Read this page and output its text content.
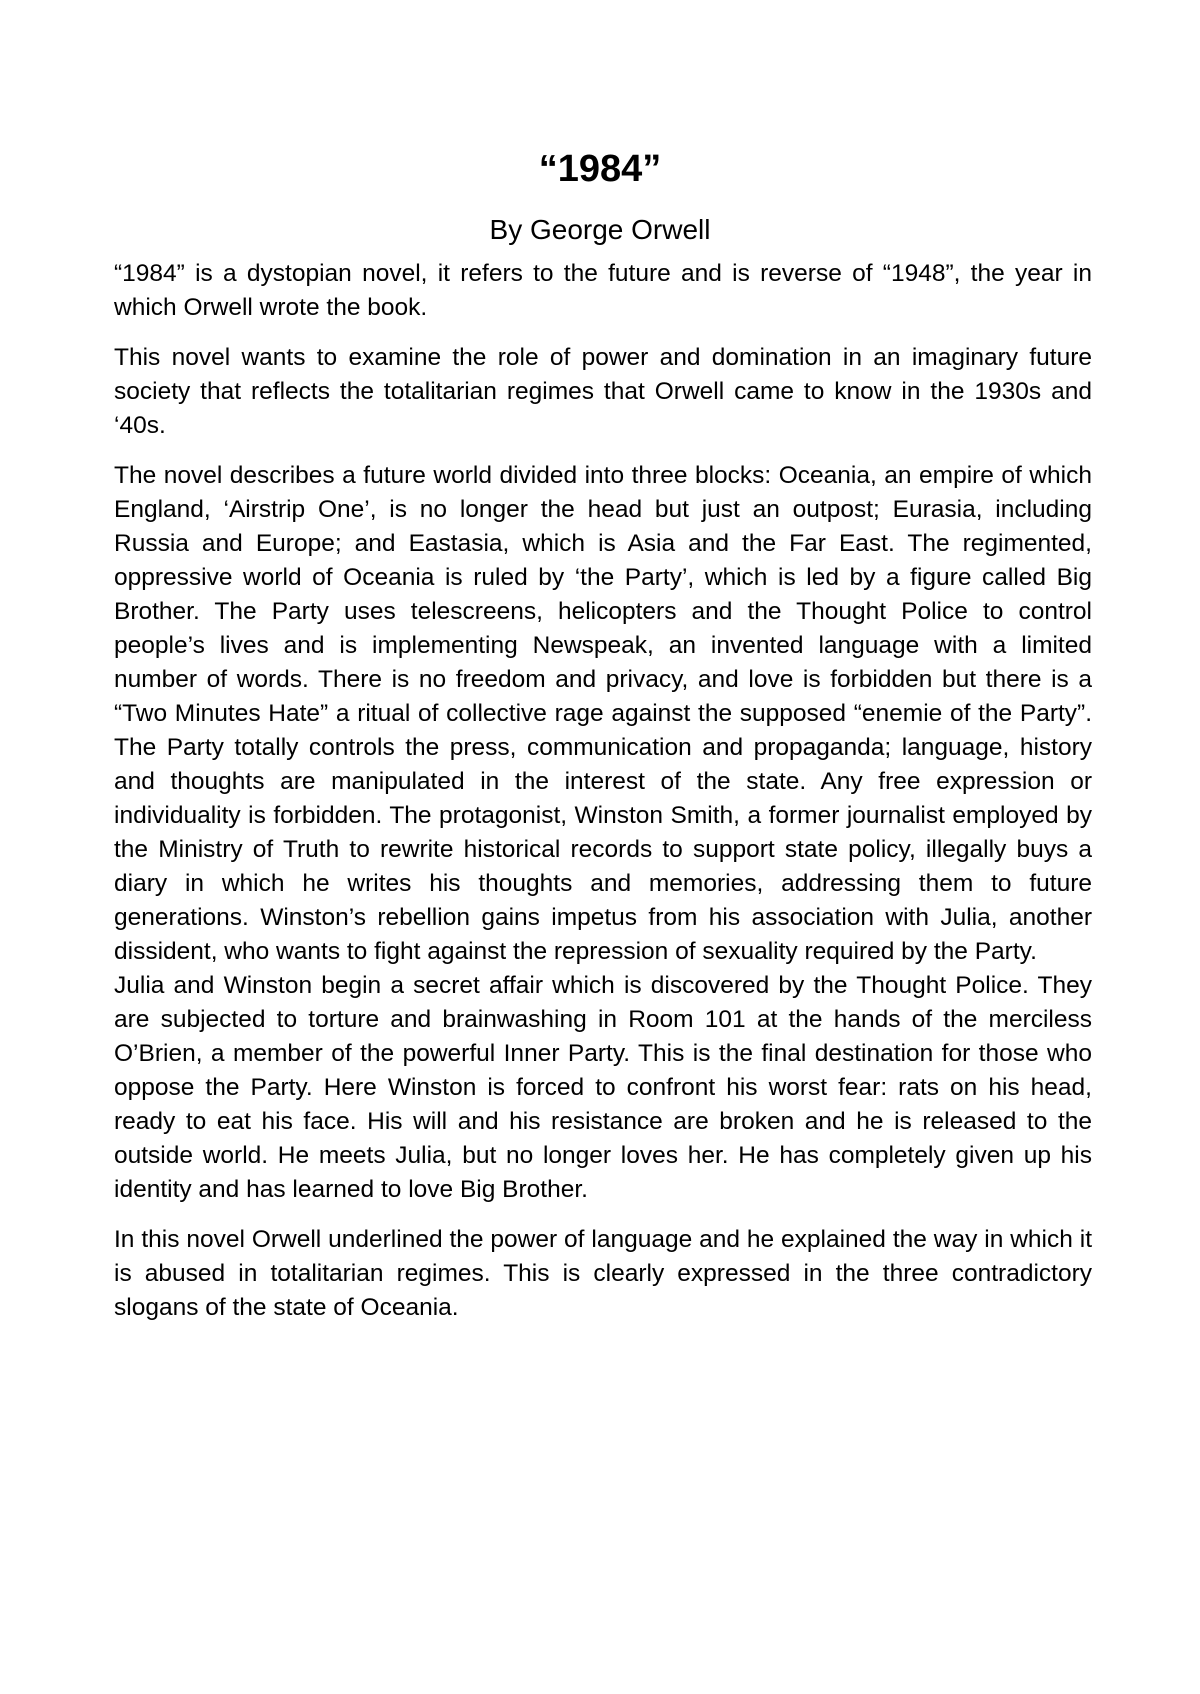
“1984”
By George Orwell

“1984” is a dystopian novel, it refers to the future and is reverse of “1948”, the year in which Orwell wrote the book.

This novel wants to examine the role of power and domination in an imaginary future society that reflects the totalitarian regimes that Orwell came to know in the 1930s and ‘40s.

The novel describes a future world divided into three blocks: Oceania, an empire of which England, ‘Airstrip One’, is no longer the head but just an outpost; Eurasia, including Russia and Europe; and Eastasia, which is Asia and the Far East. The regimented, oppressive world of Oceania is ruled by ‘the Party’, which is led by a figure called Big Brother. The Party uses telescreens, helicopters and the Thought Police to control people’s lives and is implementing Newspeak, an invented language with a limited number of words. There is no freedom and privacy, and love is forbidden but there is a “Two Minutes Hate” a ritual of collective rage against the supposed “enemie of the Party”. The Party totally controls the press, communication and propaganda; language, history and thoughts are manipulated in the interest of the state. Any free expression or individuality is forbidden. The protagonist, Winston Smith, a former journalist employed by the Ministry of Truth to rewrite historical records to support state policy, illegally buys a diary in which he writes his thoughts and memories, addressing them to future generations. Winston’s rebellion gains impetus from his association with Julia, another dissident, who wants to fight against the repression of sexuality required by the Party.

Julia and Winston begin a secret affair which is discovered by the Thought Police. They are subjected to torture and brainwashing in Room 101 at the hands of the merciless O’Brien, a member of the powerful Inner Party. This is the final destination for those who oppose the Party. Here Winston is forced to confront his worst fear: rats on his head, ready to eat his face. His will and his resistance are broken and he is released to the outside world. He meets Julia, but no longer loves her. He has completely given up his identity and has learned to love Big Brother.

In this novel Orwell underlined the power of language and he explained the way in which it is abused in totalitarian regimes. This is clearly expressed in the three contradictory slogans of the state of Oceania.
